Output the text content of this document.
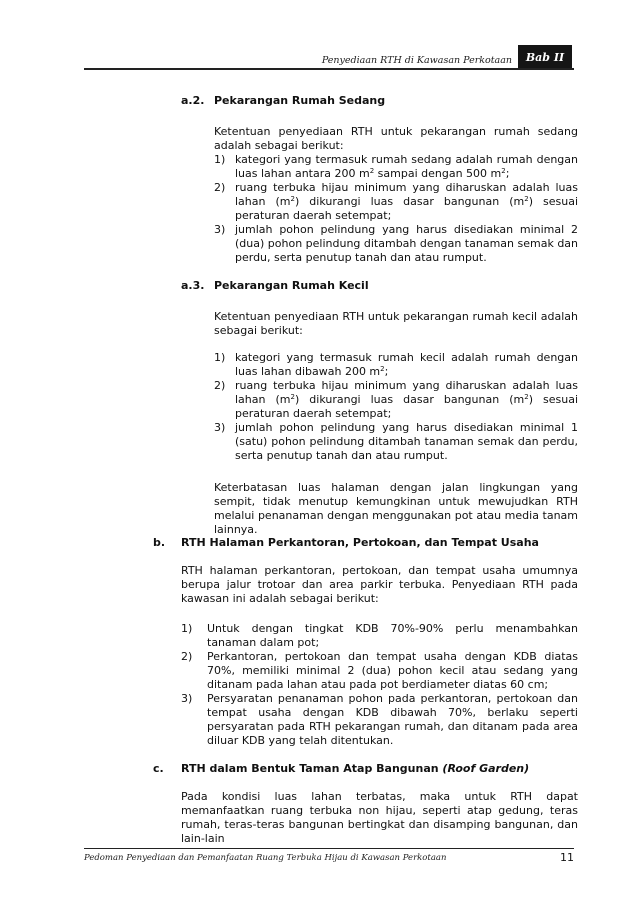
Penyediaan RTH di Kawasan Perkotaan	Bab II
a.2. Pekarangan Rumah Sedang
Ketentuan penyediaan RTH untuk pekarangan rumah sedang adalah sebagai berikut:
1) kategori yang termasuk rumah sedang adalah rumah dengan luas lahan antara 200 $m^2$ sampai dengan 500 $m^2$;
2) ruang terbuka hijau minimum yang diharuskan adalah luas lahan $(m^2)$ dikurangi luas dasar bangunan $(m^2)$ sesuai peraturan daerah setempat;
3) jumlah pohon pelindung yang harus disediakan minimal 2 (dua) pohon pelindung ditambah dengan tanaman semak dan perdu, serta penutup tanah dan atau rumput.
a.3. Pekarangan Rumah Kecil
Ketentuan penyediaan RTH untuk pekarangan rumah kecil adalah sebagai berikut:
1) kategori yang termasuk rumah kecil adalah rumah dengan luas lahan dibawah 200 $m^2$;
2) ruang terbuka hijau minimum yang diharuskan adalah luas lahan $(m^2)$ dikurangi luas dasar bangunan $(m^2)$ sesuai peraturan daerah setempat;
3) jumlah pohon pelindung yang harus disediakan minimal 1 (satu) pohon pelindung ditambah tanaman semak dan perdu, serta penutup tanah dan atau rumput.
Keterbatasan luas halaman dengan jalan lingkungan yang sempit, tidak menutup kemungkinan untuk mewujudkan RTH melalui penanaman dengan menggunakan pot atau media tanam lainnya.
b. RTH Halaman Perkantoran, Pertokoan, dan Tempat Usaha
RTH halaman perkantoran, pertokoan, dan tempat usaha umumnya berupa jalur trotoar dan area parkir terbuka. Penyediaan RTH pada kawasan ini adalah sebagai berikut:
1) Untuk dengan tingkat KDB 70%-90% perlu menambahkan tanaman dalam pot;
2) Perkantoran, pertokoan dan tempat usaha dengan KDB diatas 70%, memiliki minimal 2 (dua) pohon kecil atau sedang yang ditanam pada lahan atau pada pot berdiameter diatas 60 cm;
3) Persyaratan penanaman pohon pada perkantoran, pertokoan dan tempat usaha dengan KDB dibawah 70%, berlaku seperti persyaratan pada RTH pekarangan rumah, dan ditanam pada area diluar KDB yang telah ditentukan.
c. RTH dalam Bentuk Taman Atap Bangunan (Roof Garden)
Pada kondisi luas lahan terbatas, maka untuk RTH dapat memanfaatkan ruang terbuka non hijau, seperti atap gedung, teras rumah, teras-teras bangunan bertingkat dan disamping bangunan, dan lain-lain
Pedoman Penyediaan dan Pemanfaatan Ruang Terbuka Hijau di Kawasan Perkotaan	11
